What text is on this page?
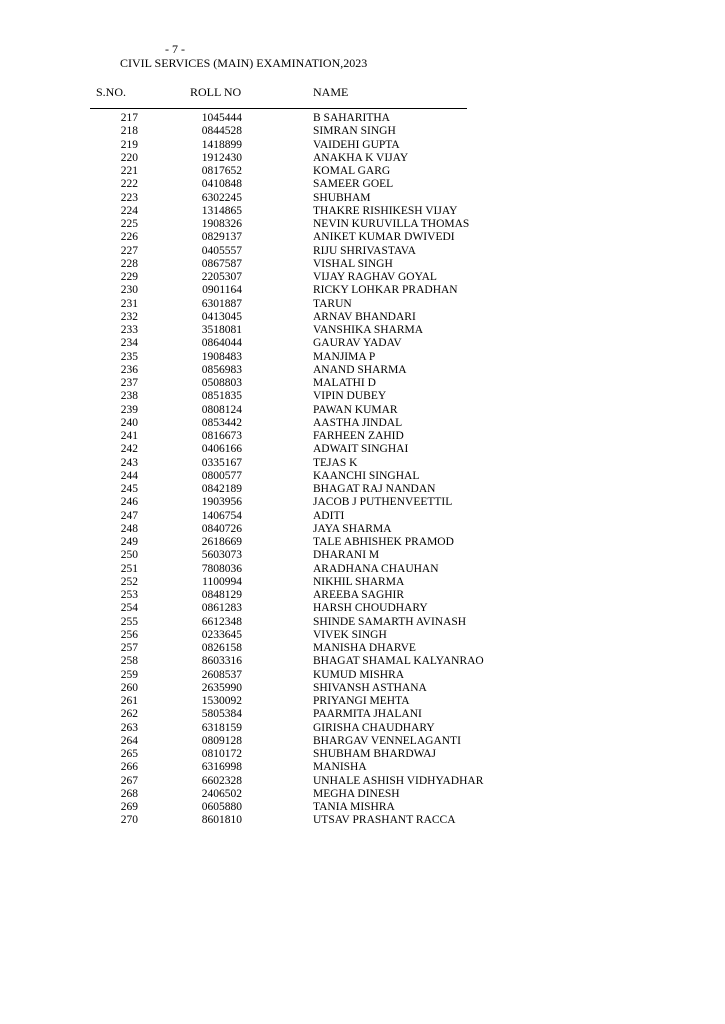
- 7 -
CIVIL SERVICES (MAIN) EXAMINATION,2023
S.NO.	ROLL NO	NAME
217	1045444	B SAHARITHA
218	0844528	SIMRAN SINGH
219	1418899	VAIDEHI GUPTA
220	1912430	ANAKHA K VIJAY
221	0817652	KOMAL GARG
222	0410848	SAMEER GOEL
223	6302245	SHUBHAM
224	1314865	THAKRE RISHIKESH VIJAY
225	1908326	NEVIN KURUVILLA THOMAS
226	0829137	ANIKET KUMAR DWIVEDI
227	0405557	RIJU SHRIVASTAVA
228	0867587	VISHAL SINGH
229	2205307	VIJAY RAGHAV GOYAL
230	0901164	RICKY LOHKAR PRADHAN
231	6301887	TARUN
232	0413045	ARNAV BHANDARI
233	3518081	VANSHIKA SHARMA
234	0864044	GAURAV YADAV
235	1908483	MANJIMA P
236	0856983	ANAND SHARMA
237	0508803	MALATHI D
238	0851835	VIPIN DUBEY
239	0808124	PAWAN KUMAR
240	0853442	AASTHA JINDAL
241	0816673	FARHEEN ZAHID
242	0406166	ADWAIT SINGHAI
243	0335167	TEJAS K
244	0800577	KAANCHI SINGHAL
245	0842189	BHAGAT RAJ NANDAN
246	1903956	JACOB J PUTHENVEETTIL
247	1406754	ADITI
248	0840726	JAYA SHARMA
249	2618669	TALE ABHISHEK PRAMOD
250	5603073	DHARANI M
251	7808036	ARADHANA CHAUHAN
252	1100994	NIKHIL SHARMA
253	0848129	AREEBA SAGHIR
254	0861283	HARSH CHOUDHARY
255	6612348	SHINDE SAMARTH AVINASH
256	0233645	VIVEK SINGH
257	0826158	MANISHA DHARVE
258	8603316	BHAGAT SHAMAL KALYANRAO
259	2608537	KUMUD MISHRA
260	2635990	SHIVANSH ASTHANA
261	1530092	PRIYANGI MEHTA
262	5805384	PAARMITA JHALANI
263	6318159	GIRISHA CHAUDHARY
264	0809128	BHARGAV VENNELAGANTI
265	0810172	SHUBHAM BHARDWAJ
266	6316998	MANISHA
267	6602328	UNHALE ASHISH VIDHYADHAR
268	2406502	MEGHA DINESH
269	0605880	TANIA MISHRA
270	8601810	UTSAV PRASHANT RACCA
